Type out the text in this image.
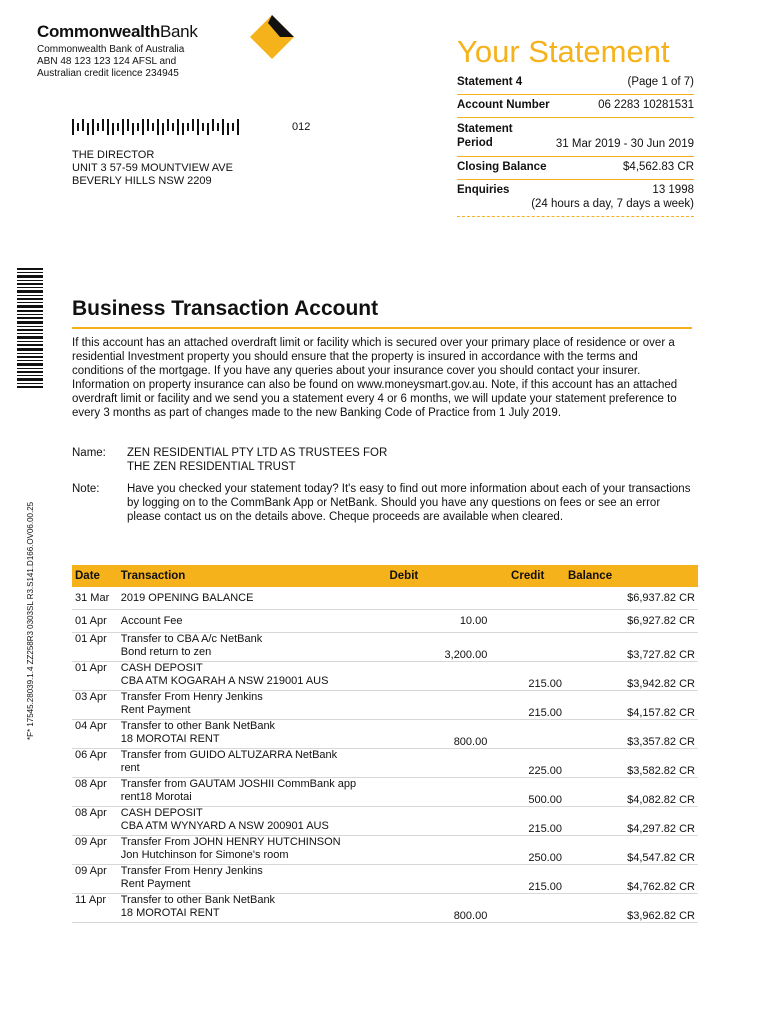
CommonwealthBank
Commonwealth Bank of Australia
ABN 48 123 123 124 AFSL and
Australian credit licence 234945
Your Statement
Statement 4	(Page 1 of 7)
Account Number	06 2283 10281531
Statement
Period	31 Mar 2019 - 30 Jun 2019
Closing Balance	$4,562.83 CR
Enquiries	13 1998
(24 hours a day, 7 days a week)
012
THE DIRECTOR
UNIT 3 57-59 MOUNTVIEW AVE
BEVERLY HILLS NSW 2209
*F* 17545.28039.1.4 ZZ258R3 0303SL R3.S141.D166.OV06.00.25
Business Transaction Account
If this account has an attached overdraft limit or facility which is secured over your primary place of residence or over a residential Investment property you should ensure that the property is insured in accordance with the terms and conditions of the mortgage. If you have any queries about your insurance cover you should contact your insurer. Information on property insurance can also be found on www.moneysmart.gov.au. Note, if this account has an attached overdraft limit or facility and we send you a statement every 4 or 6 months, we will update your statement preference to every 3 months as part of changes made to the new Banking Code of Practice from 1 July 2019.
Name:	ZEN RESIDENTIAL PTY LTD AS TRUSTEES FOR
THE ZEN RESIDENTIAL TRUST
Note:	Have you checked your statement today? It's easy to find out more information about each of your transactions by logging on to the CommBank App or NetBank. Should you have any questions on fees or see an error please contact us on the details above. Cheque proceeds are available when cleared.
Date	Transaction	Debit	Credit	Balance
31 Mar	2019 OPENING BALANCE			$6,937.82 CR
01 Apr	Account Fee	10.00		$6,927.82 CR
01 Apr	Transfer to CBA A/c NetBank
Bond return to zen	3,200.00		$3,727.82 CR
01 Apr	CASH DEPOSIT
CBA ATM KOGARAH A NSW 219001 AUS		215.00	$3,942.82 CR
03 Apr	Transfer From Henry Jenkins
Rent Payment		215.00	$4,157.82 CR
04 Apr	Transfer to other Bank NetBank
18 MOROTAI RENT	800.00		$3,357.82 CR
06 Apr	Transfer from GUIDO ALTUZARRA NetBank
rent		225.00	$3,582.82 CR
08 Apr	Transfer from GAUTAM JOSHII CommBank app
rent18 Morotai		500.00	$4,082.82 CR
08 Apr	CASH DEPOSIT
CBA ATM WYNYARD A NSW 200901 AUS		215.00	$4,297.82 CR
09 Apr	Transfer From JOHN HENRY HUTCHINSON
Jon Hutchinson for Simone's room		250.00	$4,547.82 CR
09 Apr	Transfer From Henry Jenkins
Rent Payment		215.00	$4,762.82 CR
11 Apr	Transfer to other Bank NetBank
18 MOROTAI RENT	800.00		$3,962.82 CR
